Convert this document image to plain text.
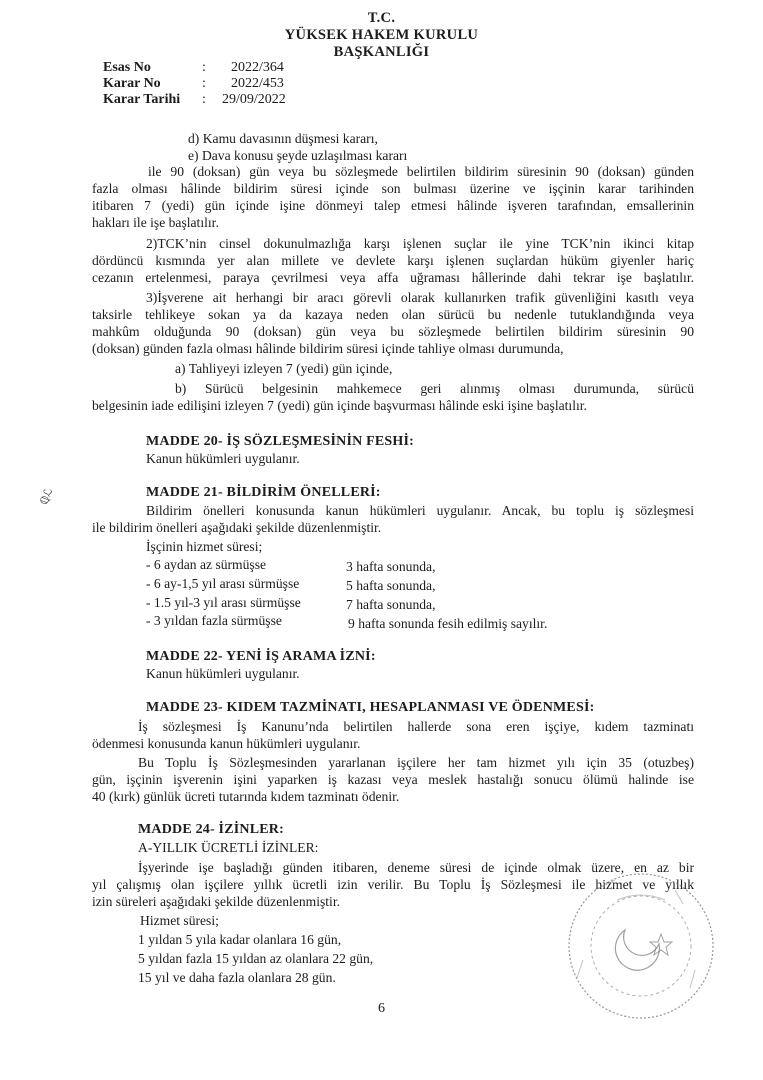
T.C.
YÜKSEK HAKEM KURULU
BAŞKANLIĞI
Esas No	: 2022/364
Karar No	: 2022/453
Karar Tarihi : 29/09/2022
d) Kamu davasının düşmesi kararı,
e) Dava konusu şeyde uzlaşılması kararı
ile 90 (doksan) gün veya bu sözleşmede belirtilen bildirim süresinin 90 (doksan) günden
fazla olması hâlinde bildirim süresi içinde son bulması üzerine ve işçinin karar tarihinden
itibaren 7 (yedi) gün içinde işine dönmeyi talep etmesi hâlinde işveren tarafından, emsallerinin
hakları ile işe başlatılır.
2)TCK’nin cinsel dokunulmazlığa karşı işlenen suçlar ile yine TCK’nin ikinci kitap
dördüncü kısmında yer alan millete ve devlete karşı işlenen suçlardan hüküm giyenler hariç
cezanın ertelenmesi, paraya çevrilmesi veya affa uğraması hâllerinde dahi tekrar işe başlatılır.
3)İşverene ait herhangi bir aracı görevli olarak kullanırken trafik güvenliğini kasıtlı veya
taksirle tehlikeye sokan ya da kazaya neden olan sürücü bu nedenle tutuklandığında veya
mahkûm olduğunda 90 (doksan) gün veya bu sözleşmede belirtilen bildirim süresinin 90
(doksan) günden fazla olması hâlinde bildirim süresi içinde tahliye olması durumunda,
a) Tahliyeyi izleyen 7 (yedi) gün içinde,
b) Sürücü belgesinin mahkemece geri alınmış olması durumunda, sürücü
belgesinin iade edilişini izleyen 7 (yedi) gün içinde başvurması hâlinde eski işine başlatılır.
MADDE 20- İŞ SÖZLEŞMESİNİN FESHİ:
Kanun hükümleri uygulanır.
ℚℒ	MADDE 21- BİLDİRİM ÖNELLERİ:
Bildirim önelleri konusunda kanun hükümleri uygulanır. Ancak, bu toplu iş sözleşmesi
ile bildirim önelleri aşağıdaki şekilde düzenlenmiştir.
İşçinin hizmet süresi;
- 6 aydan az sürmüşse	3 hafta sonunda,
- 6 ay-1,5 yıl arası sürmüşse	5 hafta sonunda,
- 1.5 yıl-3 yıl arası sürmüşse	7 hafta sonunda,
- 3 yıldan fazla sürmüşse	9 hafta sonunda fesih edilmiş sayılır.
MADDE 22- YENİ İŞ ARAMA İZNİ:
Kanun hükümleri uygulanır.
MADDE 23- KIDEM TAZMİNATI, HESAPLANMASI VE ÖDENMESİ:
İş sözleşmesi İş Kanunu’nda belirtilen hallerde sona eren işçiye, kıdem tazminatı
ödenmesi konusunda kanun hükümleri uygulanır.
Bu Toplu İş Sözleşmesinden yararlanan işçilere her tam hizmet yılı için 35 (otuzbeş)
gün, işçinin işverenin işini yaparken iş kazası veya meslek hastalığı sonucu ölümü halinde ise
40 (kırk) günlük ücreti tutarında kıdem tazminatı ödenir.
MADDE 24- İZİNLER:
A-YILLIK ÜCRETLİ İZİNLER:
İşyerinde işe başladığı günden itibaren, deneme süresi de içinde olmak üzere, en az bir
yıl çalışmış olan işçilere yıllık ücretli izin verilir. Bu Toplu İş Sözleşmesi ile hizmet ve yıllık
izin süreleri aşağıdaki şekilde düzenlenmiştir.
Hizmet süresi;
1 yıldan 5 yıla kadar olanlara 16 gün,
5 yıldan fazla 15 yıldan az olanlara 22 gün,
15 yıl ve daha fazla olanlara 28 gün.
6
